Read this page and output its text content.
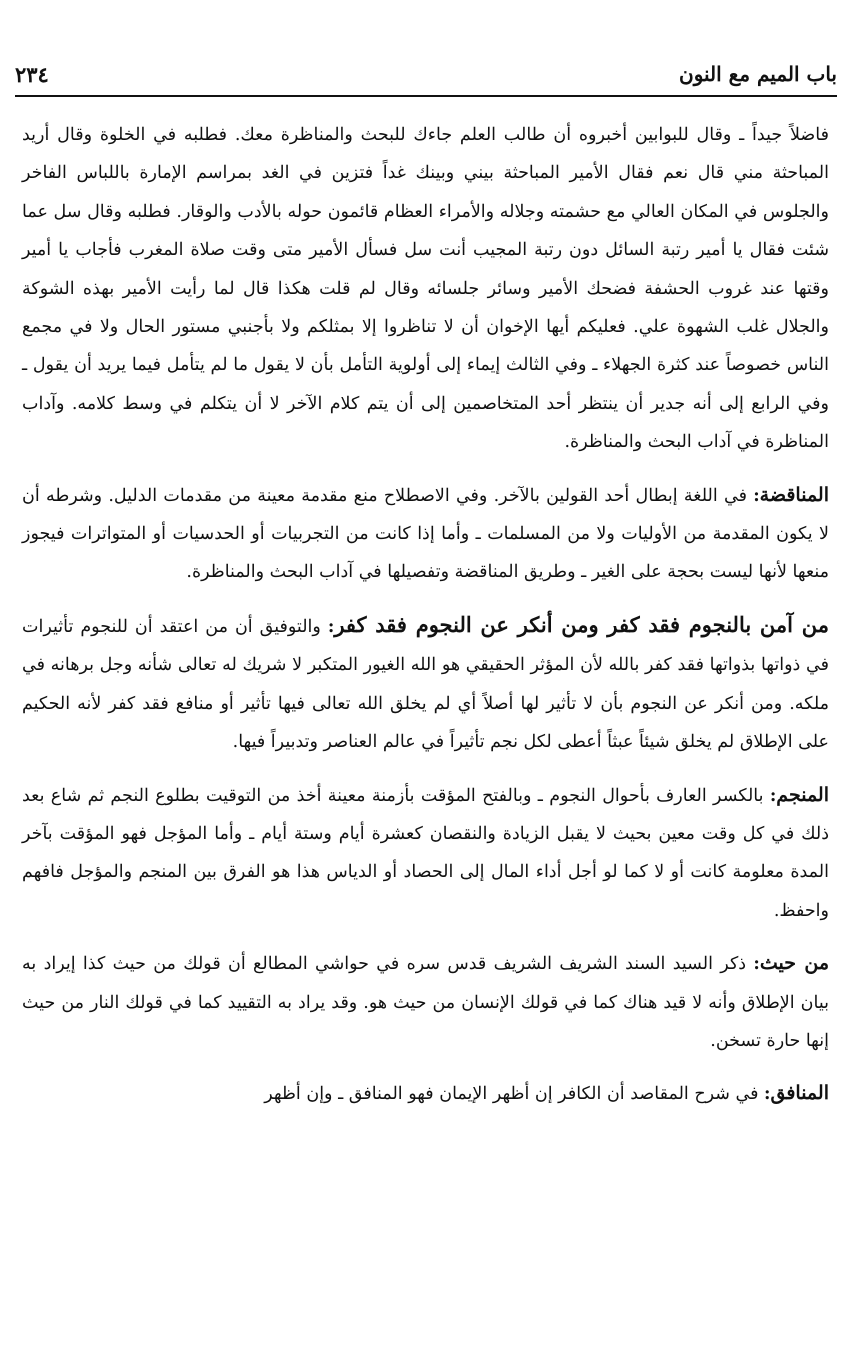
باب الميم مع النون
٢٣٤

فاضلاً جيداً ـ وقال للبوابين أخبروه أن طالب العلم جاءك للبحث والمناظرة معك. فطلبه في الخلوة وقال أريد المباحثة مني قال نعم فقال الأمير المباحثة بيني وبينك غداً فتزين في الغد بمراسم الإمارة باللباس الفاخر والجلوس في المكان العالي مع حشمته وجلاله والأمراء العظام قائمون حوله بالأدب والوقار. فطلبه وقال سل عما شئت فقال يا أمير رتبة السائل دون رتبة المجيب أنت سل فسأل الأمير متى وقت صلاة المغرب فأجاب يا أمير وقتها عند غروب الحشفة فضحك الأمير وسائر جلسائه وقال لم قلت هكذا قال لما رأيت الأمير بهذه الشوكة والجلال غلب الشهوة علي. فعليكم أيها الإخوان أن لا تناظروا إلا بمثلكم ولا بأجنبي مستور الحال ولا في مجمع الناس خصوصاً عند كثرة الجهلاء ـ وفي الثالث إيماء إلى أولوية التأمل بأن لا يقول ما لم يتأمل فيما يريد أن يقول ـ وفي الرابع إلى أنه جدير أن ينتظر أحد المتخاصمين إلى أن يتم كلام الآخر لا أن يتكلم في وسط كلامه. وآداب المناظرة في آداب البحث والمناظرة.

المناقضة: في اللغة إبطال أحد القولين بالآخر. وفي الاصطلاح منع مقدمة معينة من مقدمات الدليل. وشرطه أن لا يكون المقدمة من الأوليات ولا من المسلمات ـ وأما إذا كانت من التجربيات أو الحدسيات أو المتواترات فيجوز منعها لأنها ليست بحجة على الغير ـ وطريق المناقضة وتفصيلها في آداب البحث والمناظرة.

من آمن بالنجوم فقد كفر ومن أنكر عن النجوم فقد كفر: والتوفيق أن من اعتقد أن للنجوم تأثيرات في ذواتها بذواتها فقد كفر بالله لأن المؤثر الحقيقي هو الله الغيور المتكبر لا شريك له تعالى شأنه وجل برهانه في ملكه. ومن أنكر عن النجوم بأن لا تأثير لها أصلاً أي لم يخلق الله تعالى فيها تأثير أو منافع فقد كفر لأنه الحكيم على الإطلاق لم يخلق شيئاً عبثاً أعطى لكل نجم تأثيراً في عالم العناصر وتدبيراً فيها.

المنجم: بالكسر العارف بأحوال النجوم ـ وبالفتح المؤقت بأزمنة معينة أخذ من التوقيت بطلوع النجم ثم شاع بعد ذلك في كل وقت معين بحيث لا يقبل الزيادة والنقصان كعشرة أيام وستة أيام ـ وأما المؤجل فهو المؤقت بآخر المدة معلومة كانت أو لا كما لو أجل أداء المال إلى الحصاد أو الدياس هذا هو الفرق بين المنجم والمؤجل فافهم واحفظ.

من حيث: ذكر السيد السند الشريف الشريف قدس سره في حواشي المطالع أن قولك من حيث كذا إيراد به بيان الإطلاق وأنه لا قيد هناك كما في قولك الإنسان من حيث هو. وقد يراد به التقييد كما في قولك النار من حيث إنها حارة تسخن.

المنافق: في شرح المقاصد أن الكافر إن أظهر الإيمان فهو المنافق ـ وإن أظهر
